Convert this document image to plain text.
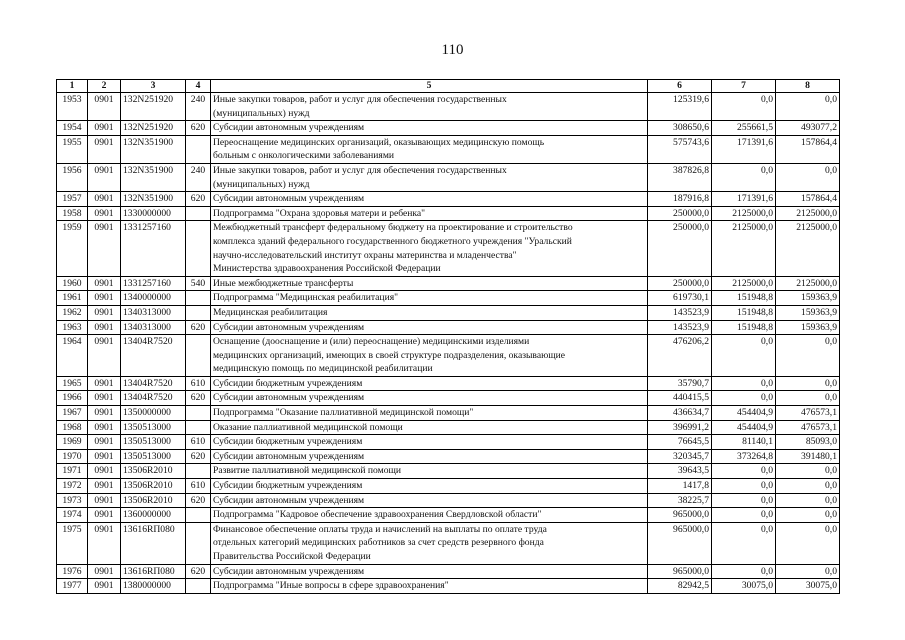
110
1	2	3	4	5	6	7	8
1953	0901	132N251920	240	Иные закупки товаров, работ и услуг для обеспечения государственных
(муниципальных) нужд	125319,6	0,0	0,0
1954	0901	132N251920	620	Субсидии автономным учреждениям	308650,6	255661,5	493077,2
1955	0901	132N351900		Переоснащение медицинских организаций, оказывающих медицинскую помощь
больным с онкологическими заболеваниями	575743,6	171391,6	157864,4
1956	0901	132N351900	240	Иные закупки товаров, работ и услуг для обеспечения государственных
(муниципальных) нужд	387826,8	0,0	0,0
1957	0901	132N351900	620	Субсидии автономным учреждениям	187916,8	171391,6	157864,4
1958	0901	1330000000		Подпрограмма "Охрана здоровья матери и ребенка"	250000,0	2125000,0	2125000,0
1959	0901	1331257160		Межбюджетный трансферт федеральному бюджету на проектирование и строительство
комплекса зданий федерального государственного бюджетного учреждения "Уральский
научно-исследовательский институт охраны материнства и младенчества"
Министерства здравоохранения Российской Федерации	250000,0	2125000,0	2125000,0
1960	0901	1331257160	540	Иные межбюджетные трансферты	250000,0	2125000,0	2125000,0
1961	0901	1340000000		Подпрограмма "Медицинская реабилитация"	619730,1	151948,8	159363,9
1962	0901	1340313000		Медицинская реабилитация	143523,9	151948,8	159363,9
1963	0901	1340313000	620	Субсидии автономным учреждениям	143523,9	151948,8	159363,9
1964	0901	13404R7520		Оснащение (дооснащение и (или) переоснащение) медицинскими изделиями
медицинских организаций, имеющих в своей структуре подразделения, оказывающие
медицинскую помощь по медицинской реабилитации	476206,2	0,0	0,0
1965	0901	13404R7520	610	Субсидии бюджетным учреждениям	35790,7	0,0	0,0
1966	0901	13404R7520	620	Субсидии автономным учреждениям	440415,5	0,0	0,0
1967	0901	1350000000		Подпрограмма "Оказание паллиативной медицинской помощи"	436634,7	454404,9	476573,1
1968	0901	1350513000		Оказание паллиативной медицинской помощи	396991,2	454404,9	476573,1
1969	0901	1350513000	610	Субсидии бюджетным учреждениям	76645,5	81140,1	85093,0
1970	0901	1350513000	620	Субсидии автономным учреждениям	320345,7	373264,8	391480,1
1971	0901	13506R2010		Развитие паллиативной медицинской помощи	39643,5	0,0	0,0
1972	0901	13506R2010	610	Субсидии бюджетным учреждениям	1417,8	0,0	0,0
1973	0901	13506R2010	620	Субсидии автономным учреждениям	38225,7	0,0	0,0
1974	0901	1360000000		Подпрограмма "Кадровое обеспечение здравоохранения Свердловской области"	965000,0	0,0	0,0
1975	0901	13616RП080		Финансовое обеспечение оплаты труда и начислений на выплаты по оплате труда
отдельных категорий медицинских работников за счет средств резервного фонда
Правительства Российской Федерации	965000,0	0,0	0,0
1976	0901	13616RП080	620	Субсидии автономным учреждениям	965000,0	0,0	0,0
1977	0901	1380000000		Подпрограмма "Иные вопросы в сфере здравоохранения"	82942,5	30075,0	30075,0
